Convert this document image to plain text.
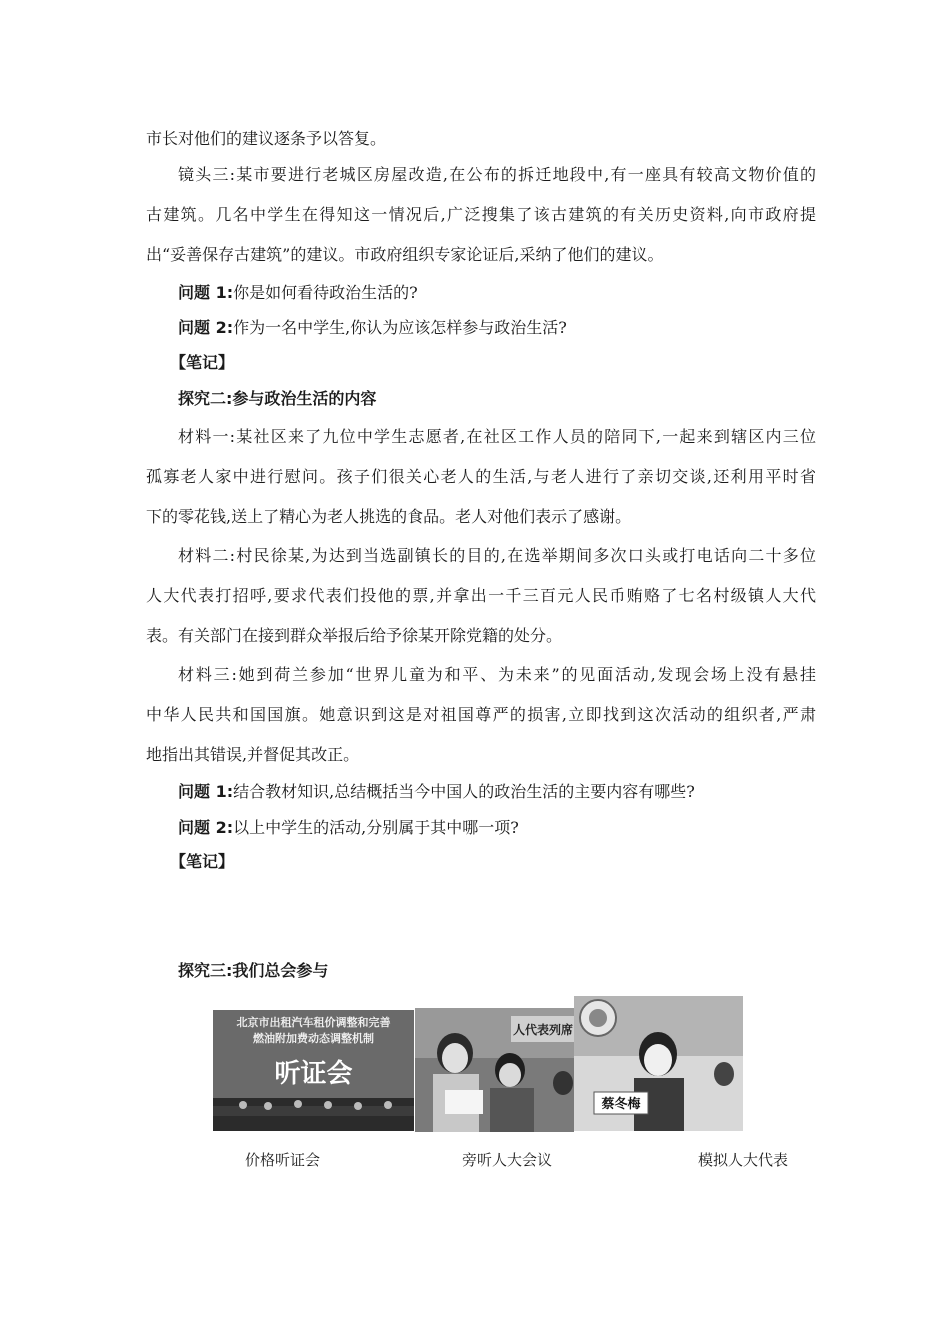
市长对他们的建议逐条予以答复。
镜头三:某市要进行老城区房屋改造,在公布的拆迁地段中,有一座具有较高文物价值的
古建筑。几名中学生在得知这一情况后,广泛搜集了该古建筑的有关历史资料,向市政府提
出“妥善保存古建筑”的建议。市政府组织专家论证后,采纳了他们的建议。
问题 1:你是如何看待政治生活的?
问题 2:作为一名中学生,你认为应该怎样参与政治生活?
【笔记】
探究二:参与政治生活的内容
材料一:某社区来了九位中学生志愿者,在社区工作人员的陪同下,一起来到辖区内三位
孤寡老人家中进行慰问。孩子们很关心老人的生活,与老人进行了亲切交谈,还利用平时省
下的零花钱,送上了精心为老人挑选的食品。老人对他们表示了感谢。
材料二:村民徐某,为达到当选副镇长的目的,在选举期间多次口头或打电话向二十多位
人大代表打招呼,要求代表们投他的票,并拿出一千三百元人民币贿赂了七名村级镇人大代
表。有关部门在接到群众举报后给予徐某开除党籍的处分。
材料三:她到荷兰参加“世界儿童为和平、为未来”的见面活动,发现会场上没有悬挂
中华人民共和国国旗。她意识到这是对祖国尊严的损害,立即找到这次活动的组织者,严肃
地指出其错误,并督促其改正。
问题 1:结合教材知识,总结概括当今中国人的政治生活的主要内容有哪些?
问题 2:以上中学生的活动,分别属于其中哪一项?
【笔记】
探究三:我们总会参与
北京市出租汽车租价调整和完善
燃油附加费动态调整机制
听证会
人代表列席
蔡冬梅
价格听证会	旁听人大会议	模拟人大代表
